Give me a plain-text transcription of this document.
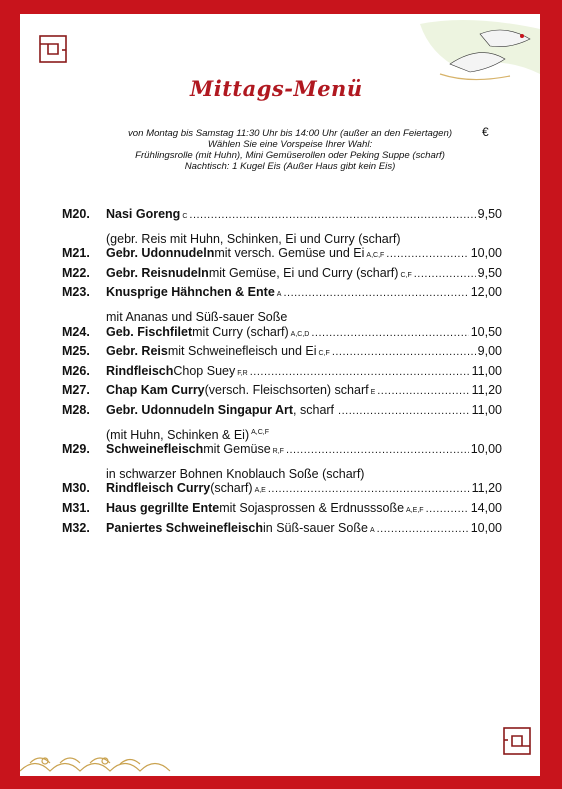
Mittags-Menü
von Montag bis Samstag 11:30 Uhr bis 14:00 Uhr (außer an den Feiertagen)
Wählen Sie eine Vorspeise Ihrer Wahl:
Frühlingsrolle (mit Huhn), Mini Gemüserollen oder Peking Suppe (scharf)
Nachtisch: 1 Kugel Eis (Außer Haus gibt kein Eis)
€
M20.	Nasi Goreng C .....	9,50
(gebr. Reis mit Huhn, Schinken, Ei und Curry (scharf)
M21.	Gebr. Udonnudeln mit versch. Gemüse und Ei A,C,F .....	10,00
M22.	Gebr. Reisnudeln mit Gemüse, Ei und Curry (scharf) C,F .....	9,50
M23.	Knusprige Hähnchen & Ente A .....	12,00
mit Ananas und Süß-sauer Soße
M24.	Geb. Fischfilet mit Curry (scharf) A,C,D .....	10,50
M25.	Gebr. Reis mit Schweinefleisch und Ei C,F .....	9,00
M26.	Rindfleisch Chop Suey F,R .....	11,00
M27.	Chap Kam Curry (versch. Fleischsorten) scharf E .....	11,20
M28.	Gebr. Udonnudeln Singapur Art , scharf .....	11,00
(mit Huhn, Schinken & Ei) $^{A,C,F}$
M29.	Schweinefleisch mit Gemüse R,F .....	10,00
in schwarzer Bohnen Knoblauch Soße (scharf)
M30.	Rindfleisch Curry (scharf) A,E .....	11,20
M31.	Haus gegrillte Ente mit Sojasprossen & Erdnusssoße A,E,F .....	14,00
M32.	Paniertes Schweinefleisch in Süß-sauer Soße A .....	10,00
